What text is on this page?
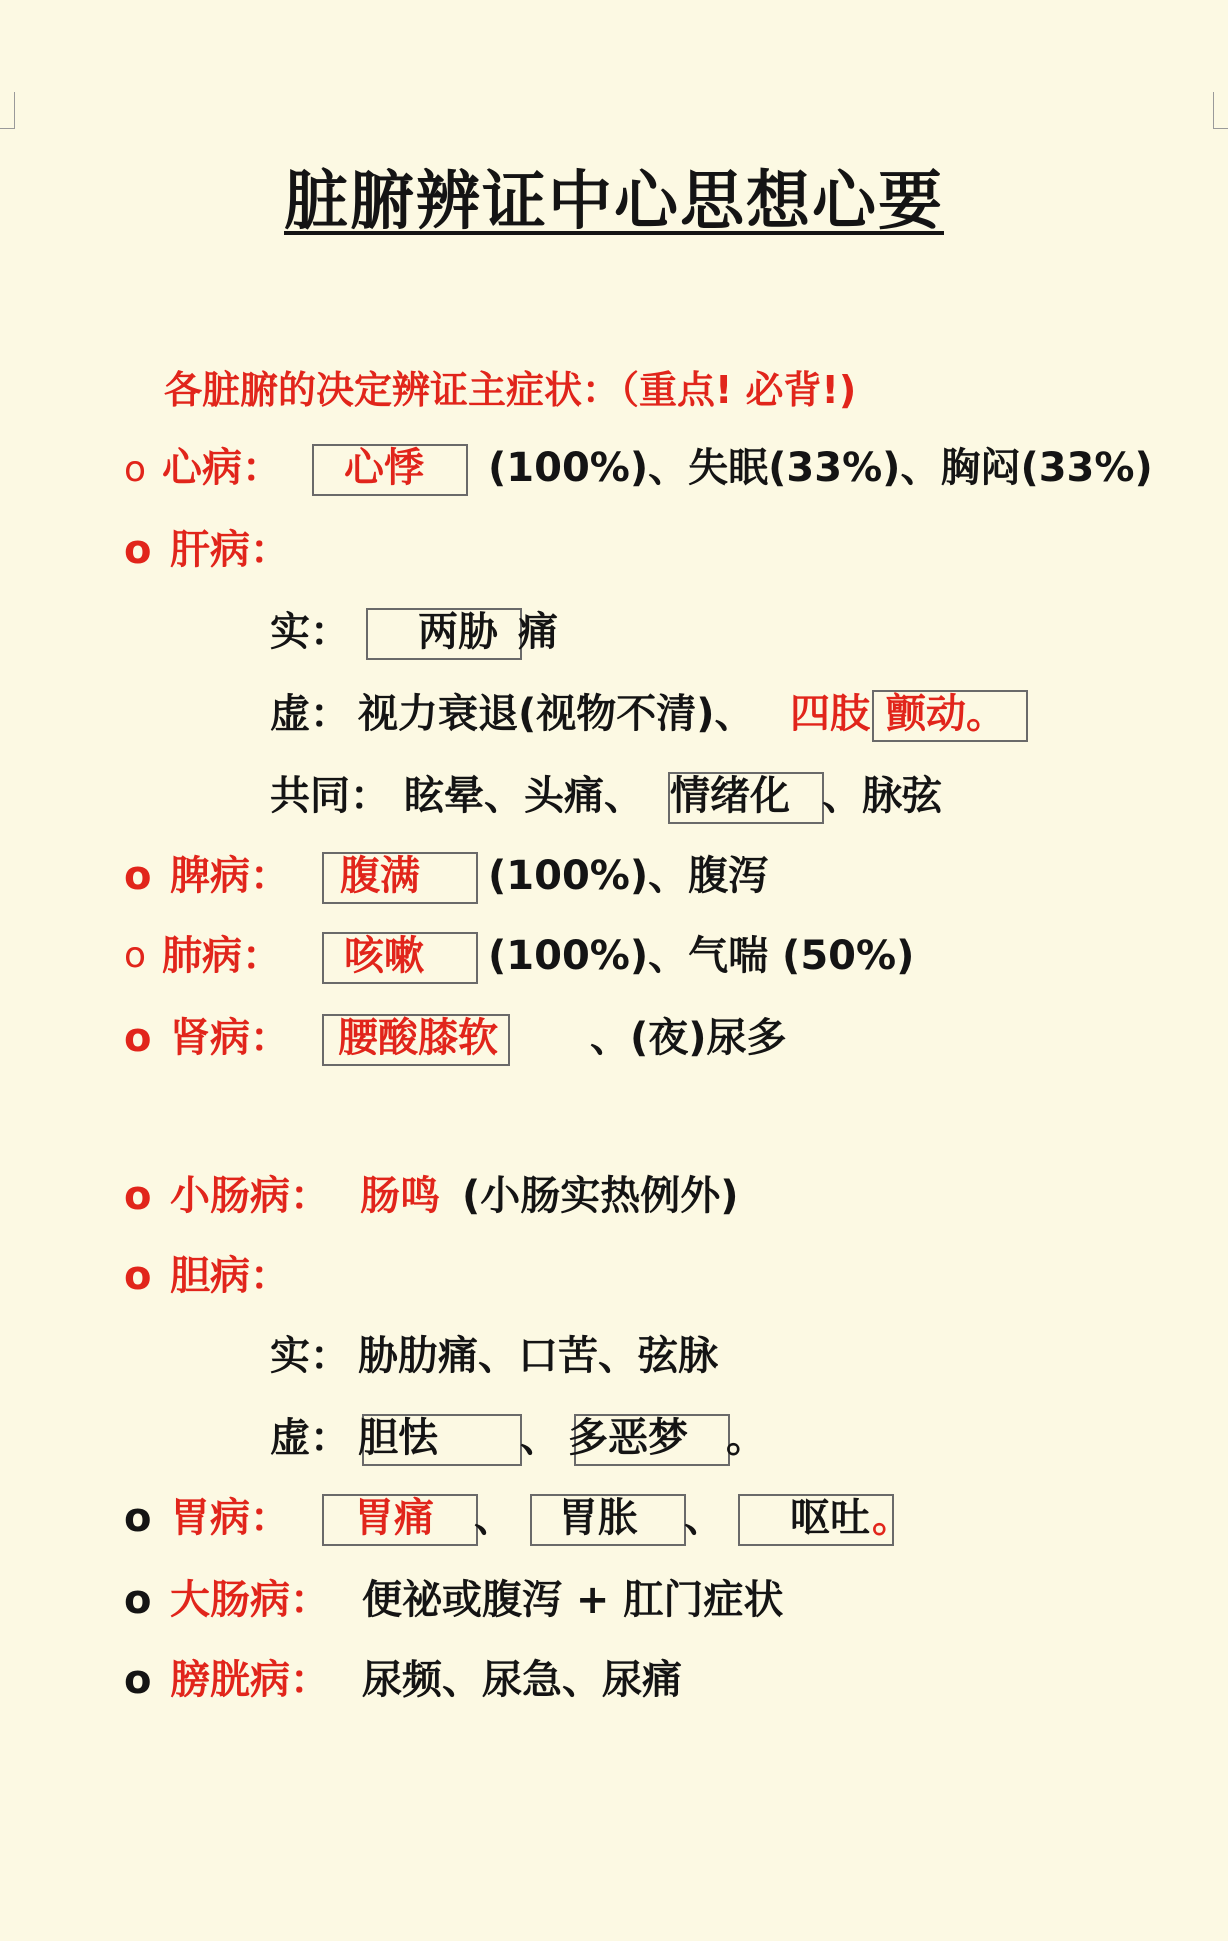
脏腑辨证中心思想心要
各脏腑的决定辨证主症状：（重点! 必背!)
o 心病： 心悸 (100%)、失眠(33%)、胸闷(33%)
o 肝病：
实： 两胁 痛
虚： 视力衰退(视物不清)、 四肢 颤动。
共同： 眩晕、头痛、 情绪化 、脉弦
o 脾病： 腹满 (100%)、腹泻
o 肺病： 咳嗽 (100%)、气喘 (50%)
o 肾病： 腰酸膝软 、(夜)尿多
o 小肠病： 肠鸣 (小肠实热例外)
o 胆病：
实： 胁肋痛、口苦、弦脉
虚： 胆怯 、 多恶梦 。
o 胃病： 胃痛 、 胃胀 、 呕吐 。
o 大肠病： 便祕或腹泻 + 肛门症状
o 膀胱病： 尿频、尿急、尿痛
